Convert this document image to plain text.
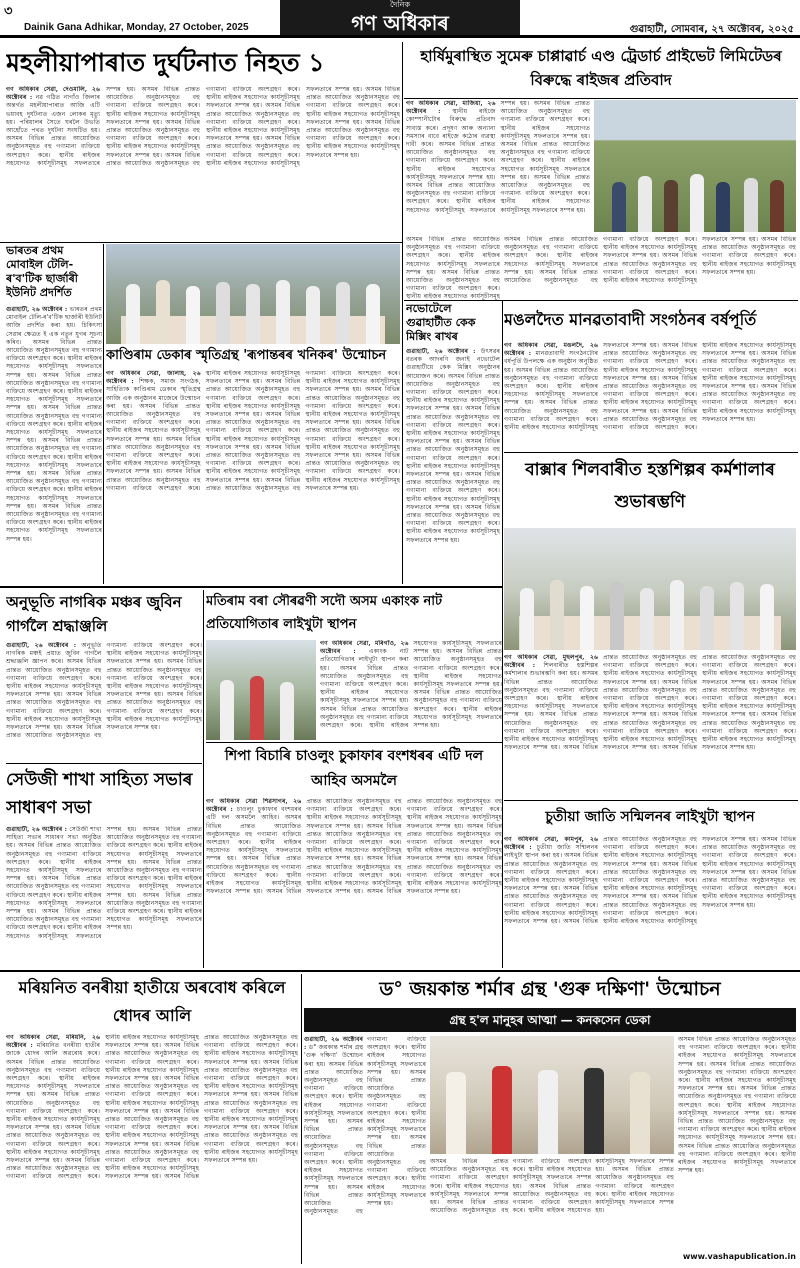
৩
Dainik Gana Adhikar, Monday, 27 October, 2025
দৈনিক
গণ অধিকাৰ	গুৱাহাটী, সোমবাৰ, ২৭ অক্টোবৰ, ২০২৫
মহলীয়াপাৰাত দুৰ্ঘটনাত নিহত ১
গণ অধিকাৰ সেৱা, দেওমালি, ২৬ অক্টোবৰ : নৱ গঠিত নাগাঁও জিলাৰ অন্তৰ্গত মহলীয়াপাৰাত আজি এটি ভয়াবহ দুৰ্ঘটনাত এজন লোকৰ মৃত্যু হয়। পৰিয়ালৰ সৈতে ঘৰলৈ উভতি আহোঁতে পথত দুৰ্ঘটনা সংঘটিত হয়। অসমৰ বিভিন্ন প্ৰান্তত আয়োজিত অনুষ্ঠানসমূহত বহু গণ্যমান্য ব্যক্তিয়ে অংশগ্ৰহণ কৰে। স্থানীয় ৰাইজৰ সহযোগত কাৰ্যসূচীসমূহ সফলতাৰে সম্পন্ন হয়। অসমৰ বিভিন্ন প্ৰান্তত আয়োজিত অনুষ্ঠানসমূহত বহু গণ্যমান্য ব্যক্তিয়ে অংশগ্ৰহণ কৰে। স্থানীয় ৰাইজৰ সহযোগত কাৰ্যসূচীসমূহ সফলতাৰে সম্পন্ন হয়। অসমৰ বিভিন্ন প্ৰান্তত আয়োজিত অনুষ্ঠানসমূহত বহু গণ্যমান্য ব্যক্তিয়ে অংশগ্ৰহণ কৰে। স্থানীয় ৰাইজৰ সহযোগত কাৰ্যসূচীসমূহ সফলতাৰে সম্পন্ন হয়। অসমৰ বিভিন্ন প্ৰান্তত আয়োজিত অনুষ্ঠানসমূহত বহু গণ্যমান্য ব্যক্তিয়ে অংশগ্ৰহণ কৰে। স্থানীয় ৰাইজৰ সহযোগত কাৰ্যসূচীসমূহ সফলতাৰে সম্পন্ন হয়। অসমৰ বিভিন্ন প্ৰান্তত আয়োজিত অনুষ্ঠানসমূহত বহু গণ্যমান্য ব্যক্তিয়ে অংশগ্ৰহণ কৰে। স্থানীয় ৰাইজৰ সহযোগত কাৰ্যসূচীসমূহ সফলতাৰে সম্পন্ন হয়। অসমৰ বিভিন্ন প্ৰান্তত আয়োজিত অনুষ্ঠানসমূহত বহু গণ্যমান্য ব্যক্তিয়ে অংশগ্ৰহণ কৰে। স্থানীয় ৰাইজৰ সহযোগত কাৰ্যসূচীসমূহ সফলতাৰে সম্পন্ন হয়। অসমৰ বিভিন্ন প্ৰান্তত আয়োজিত অনুষ্ঠানসমূহত বহু গণ্যমান্য ব্যক্তিয়ে অংশগ্ৰহণ কৰে। স্থানীয় ৰাইজৰ সহযোগত কাৰ্যসূচীসমূহ সফলতাৰে সম্পন্ন হয়। অসমৰ বিভিন্ন প্ৰান্তত আয়োজিত অনুষ্ঠানসমূহত বহু গণ্যমান্য ব্যক্তিয়ে অংশগ্ৰহণ কৰে। স্থানীয় ৰাইজৰ সহযোগত কাৰ্যসূচীসমূহ সফলতাৰে সম্পন্ন হয়।
ভাৰতৰ প্ৰথম মোবাইল টেলি-ৰ'ব'টিক ছাৰ্জাৰী ইউনিট প্ৰদৰ্শিত
গুৱাহাটী, ২৬ অক্টোবৰ : ভাৰতৰ প্ৰথম মোবাইল টেলি-ৰ'ব'টিক ছাৰ্জাৰী ইউনিট আজি প্ৰদৰ্শিত কৰা হয়। চিকিৎসা সেৱাৰ ক্ষেত্ৰত ই এক নতুন যুগৰ সূচনা কৰিব। অসমৰ বিভিন্ন প্ৰান্তত আয়োজিত অনুষ্ঠানসমূহত বহু গণ্যমান্য ব্যক্তিয়ে অংশগ্ৰহণ কৰে। স্থানীয় ৰাইজৰ সহযোগত কাৰ্যসূচীসমূহ সফলতাৰে সম্পন্ন হয়। অসমৰ বিভিন্ন প্ৰান্তত আয়োজিত অনুষ্ঠানসমূহত বহু গণ্যমান্য ব্যক্তিয়ে অংশগ্ৰহণ কৰে। স্থানীয় ৰাইজৰ সহযোগত কাৰ্যসূচীসমূহ সফলতাৰে সম্পন্ন হয়। অসমৰ বিভিন্ন প্ৰান্তত আয়োজিত অনুষ্ঠানসমূহত বহু গণ্যমান্য ব্যক্তিয়ে অংশগ্ৰহণ কৰে। স্থানীয় ৰাইজৰ সহযোগত কাৰ্যসূচীসমূহ সফলতাৰে সম্পন্ন হয়। অসমৰ বিভিন্ন প্ৰান্তত আয়োজিত অনুষ্ঠানসমূহত বহু গণ্যমান্য ব্যক্তিয়ে অংশগ্ৰহণ কৰে। স্থানীয় ৰাইজৰ সহযোগত কাৰ্যসূচীসমূহ সফলতাৰে সম্পন্ন হয়। অসমৰ বিভিন্ন প্ৰান্তত আয়োজিত অনুষ্ঠানসমূহত বহু গণ্যমান্য ব্যক্তিয়ে অংশগ্ৰহণ কৰে। স্থানীয় ৰাইজৰ সহযোগত কাৰ্যসূচীসমূহ সফলতাৰে সম্পন্ন হয়। অসমৰ বিভিন্ন প্ৰান্তত আয়োজিত অনুষ্ঠানসমূহত বহু গণ্যমান্য ব্যক্তিয়ে অংশগ্ৰহণ কৰে। স্থানীয় ৰাইজৰ সহযোগত কাৰ্যসূচীসমূহ সফলতাৰে সম্পন্ন হয়।
কাণ্ডিৰাম ডেকাৰ স্মৃতিগ্ৰন্থ 'ৰূপান্তৰৰ খনিকৰ' উন্মোচন
গণ অধিকাৰ সেৱা, জালাহ, ২৬ অক্টোবৰ : শিক্ষক, সমাজ সংগঠক, সাহিত্যিক কাণ্ডিৰাম ডেকাৰ স্মৃতিগ্ৰন্থ আজি এক অনুষ্ঠানৰ মাজেৰে উন্মোচন কৰা হয়। অসমৰ বিভিন্ন প্ৰান্তত আয়োজিত অনুষ্ঠানসমূহত বহু গণ্যমান্য ব্যক্তিয়ে অংশগ্ৰহণ কৰে। স্থানীয় ৰাইজৰ সহযোগত কাৰ্যসূচীসমূহ সফলতাৰে সম্পন্ন হয়। অসমৰ বিভিন্ন প্ৰান্তত আয়োজিত অনুষ্ঠানসমূহত বহু গণ্যমান্য ব্যক্তিয়ে অংশগ্ৰহণ কৰে। স্থানীয় ৰাইজৰ সহযোগত কাৰ্যসূচীসমূহ সফলতাৰে সম্পন্ন হয়। অসমৰ বিভিন্ন প্ৰান্তত আয়োজিত অনুষ্ঠানসমূহত বহু গণ্যমান্য ব্যক্তিয়ে অংশগ্ৰহণ কৰে। স্থানীয় ৰাইজৰ সহযোগত কাৰ্যসূচীসমূহ সফলতাৰে সম্পন্ন হয়। অসমৰ বিভিন্ন প্ৰান্তত আয়োজিত অনুষ্ঠানসমূহত বহু গণ্যমান্য ব্যক্তিয়ে অংশগ্ৰহণ কৰে। স্থানীয় ৰাইজৰ সহযোগত কাৰ্যসূচীসমূহ সফলতাৰে সম্পন্ন হয়। অসমৰ বিভিন্ন প্ৰান্তত আয়োজিত অনুষ্ঠানসমূহত বহু গণ্যমান্য ব্যক্তিয়ে অংশগ্ৰহণ কৰে। স্থানীয় ৰাইজৰ সহযোগত কাৰ্যসূচীসমূহ সফলতাৰে সম্পন্ন হয়। অসমৰ বিভিন্ন প্ৰান্তত আয়োজিত অনুষ্ঠানসমূহত বহু গণ্যমান্য ব্যক্তিয়ে অংশগ্ৰহণ কৰে। স্থানীয় ৰাইজৰ সহযোগত কাৰ্যসূচীসমূহ সফলতাৰে সম্পন্ন হয়। অসমৰ বিভিন্ন প্ৰান্তত আয়োজিত অনুষ্ঠানসমূহত বহু গণ্যমান্য ব্যক্তিয়ে অংশগ্ৰহণ কৰে। স্থানীয় ৰাইজৰ সহযোগত কাৰ্যসূচীসমূহ সফলতাৰে সম্পন্ন হয়। অসমৰ বিভিন্ন প্ৰান্তত আয়োজিত অনুষ্ঠানসমূহত বহু গণ্যমান্য ব্যক্তিয়ে অংশগ্ৰহণ কৰে। স্থানীয় ৰাইজৰ সহযোগত কাৰ্যসূচীসমূহ সফলতাৰে সম্পন্ন হয়। অসমৰ বিভিন্ন প্ৰান্তত আয়োজিত অনুষ্ঠানসমূহত বহু গণ্যমান্য ব্যক্তিয়ে অংশগ্ৰহণ কৰে। স্থানীয় ৰাইজৰ সহযোগত কাৰ্যসূচীসমূহ সফলতাৰে সম্পন্ন হয়। অসমৰ বিভিন্ন প্ৰান্তত আয়োজিত অনুষ্ঠানসমূহত বহু গণ্যমান্য ব্যক্তিয়ে অংশগ্ৰহণ কৰে। স্থানীয় ৰাইজৰ সহযোগত কাৰ্যসূচীসমূহ সফলতাৰে সম্পন্ন হয়।
হাৰ্ষিমুৰাস্থিত সুমেৰু চাপ্পাৱাৰ্চ এণ্ড ট্ৰেডাৰ্চ প্ৰাইভেট লিমিটেডৰ বিৰুদ্ধে ৰাইজৰ প্ৰতিবাদ
গণ অধিকাৰ সেৱা, মাজিয়া, ২৬ অক্টোবৰ : স্থানীয় ৰাইজে কোম্পানীটোৰ বিৰুদ্ধে প্ৰতিবাদ সাব্যস্ত কৰে। প্ৰদূষণ আৰু অন্যান্য সমস্যাৰ বাবে ৰাইজে কঠোৰ ব্যৱস্থা দাবী কৰে। অসমৰ বিভিন্ন প্ৰান্তত আয়োজিত অনুষ্ঠানসমূহত বহু গণ্যমান্য ব্যক্তিয়ে অংশগ্ৰহণ কৰে। স্থানীয় ৰাইজৰ সহযোগত কাৰ্যসূচীসমূহ সফলতাৰে সম্পন্ন হয়। অসমৰ বিভিন্ন প্ৰান্তত আয়োজিত অনুষ্ঠানসমূহত বহু গণ্যমান্য ব্যক্তিয়ে অংশগ্ৰহণ কৰে। স্থানীয় ৰাইজৰ সহযোগত কাৰ্যসূচীসমূহ সফলতাৰে সম্পন্ন হয়। অসমৰ বিভিন্ন প্ৰান্তত আয়োজিত অনুষ্ঠানসমূহত বহু গণ্যমান্য ব্যক্তিয়ে অংশগ্ৰহণ কৰে। স্থানীয় ৰাইজৰ সহযোগত কাৰ্যসূচীসমূহ সফলতাৰে সম্পন্ন হয়। অসমৰ বিভিন্ন প্ৰান্তত আয়োজিত অনুষ্ঠানসমূহত বহু গণ্যমান্য ব্যক্তিয়ে অংশগ্ৰহণ কৰে। স্থানীয় ৰাইজৰ সহযোগত কাৰ্যসূচীসমূহ সফলতাৰে সম্পন্ন হয়। অসমৰ বিভিন্ন প্ৰান্তত আয়োজিত অনুষ্ঠানসমূহত বহু গণ্যমান্য ব্যক্তিয়ে অংশগ্ৰহণ কৰে। স্থানীয় ৰাইজৰ সহযোগত কাৰ্যসূচীসমূহ সফলতাৰে সম্পন্ন হয়।
অসমৰ বিভিন্ন প্ৰান্তত আয়োজিত অনুষ্ঠানসমূহত বহু গণ্যমান্য ব্যক্তিয়ে অংশগ্ৰহণ কৰে। স্থানীয় ৰাইজৰ সহযোগত কাৰ্যসূচীসমূহ সফলতাৰে সম্পন্ন হয়। অসমৰ বিভিন্ন প্ৰান্তত আয়োজিত অনুষ্ঠানসমূহত বহু গণ্যমান্য ব্যক্তিয়ে অংশগ্ৰহণ কৰে। স্থানীয় ৰাইজৰ সহযোগত কাৰ্যসূচীসমূহ
অসমৰ বিভিন্ন প্ৰান্তত আয়োজিত অনুষ্ঠানসমূহত বহু গণ্যমান্য ব্যক্তিয়ে অংশগ্ৰহণ কৰে। স্থানীয় ৰাইজৰ সহযোগত কাৰ্যসূচীসমূহ সফলতাৰে সম্পন্ন হয়। অসমৰ বিভিন্ন প্ৰান্তত আয়োজিত অনুষ্ঠানসমূহত বহু গণ্যমান্য ব্যক্তিয়ে অংশগ্ৰহণ কৰে। স্থানীয় ৰাইজৰ সহযোগত কাৰ্যসূচীসমূহ সফলতাৰে সম্পন্ন হয়। অসমৰ বিভিন্ন প্ৰান্তত আয়োজিত অনুষ্ঠানসমূহত বহু গণ্যমান্য ব্যক্তিয়ে অংশগ্ৰহণ কৰে। স্থানীয় ৰাইজৰ সহযোগত কাৰ্যসূচীসমূহ সফলতাৰে সম্পন্ন হয়। অসমৰ বিভিন্ন প্ৰান্তত আয়োজিত অনুষ্ঠানসমূহত বহু গণ্যমান্য ব্যক্তিয়ে অংশগ্ৰহণ কৰে। স্থানীয় ৰাইজৰ সহযোগত কাৰ্যসূচীসমূহ সফলতাৰে সম্পন্ন হয়।
নভোটেলে গুৱাহাটীত কেক মিক্সিং ৰাখৰ
গুৱাহাটী, ২৬ অক্টোবৰ : উৎসৱৰ বতৰক আদৰণি জনাই নভোটেল গুৱাহাটীয়ে কেক মিক্সিং অনুষ্ঠানৰ আয়োজন কৰে। অসমৰ বিভিন্ন প্ৰান্তত আয়োজিত অনুষ্ঠানসমূহত বহু গণ্যমান্য ব্যক্তিয়ে অংশগ্ৰহণ কৰে। স্থানীয় ৰাইজৰ সহযোগত কাৰ্যসূচীসমূহ সফলতাৰে সম্পন্ন হয়। অসমৰ বিভিন্ন প্ৰান্তত আয়োজিত অনুষ্ঠানসমূহত বহু গণ্যমান্য ব্যক্তিয়ে অংশগ্ৰহণ কৰে। স্থানীয় ৰাইজৰ সহযোগত কাৰ্যসূচীসমূহ সফলতাৰে সম্পন্ন হয়। অসমৰ বিভিন্ন প্ৰান্তত আয়োজিত অনুষ্ঠানসমূহত বহু গণ্যমান্য ব্যক্তিয়ে অংশগ্ৰহণ কৰে। স্থানীয় ৰাইজৰ সহযোগত কাৰ্যসূচীসমূহ সফলতাৰে সম্পন্ন হয়। অসমৰ বিভিন্ন প্ৰান্তত আয়োজিত অনুষ্ঠানসমূহত বহু গণ্যমান্য ব্যক্তিয়ে অংশগ্ৰহণ কৰে। স্থানীয় ৰাইজৰ সহযোগত কাৰ্যসূচীসমূহ সফলতাৰে সম্পন্ন হয়। অসমৰ বিভিন্ন প্ৰান্তত আয়োজিত অনুষ্ঠানসমূহত বহু গণ্যমান্য ব্যক্তিয়ে অংশগ্ৰহণ কৰে। স্থানীয় ৰাইজৰ সহযোগত কাৰ্যসূচীসমূহ সফলতাৰে সম্পন্ন হয়।
মঙলদৈত মানৱতাবাদী সংগঠনৰ বৰ্ষপূৰ্তি
গণ অধিকাৰ সেৱা, মঙলদৈ, ২৬ অক্টোবৰ : মানৱতাবাদী সংগঠনটোৰ বৰ্ষপূৰ্তি উপলক্ষে এক অনুষ্ঠান অনুষ্ঠিত হয়। অসমৰ বিভিন্ন প্ৰান্তত আয়োজিত অনুষ্ঠানসমূহত বহু গণ্যমান্য ব্যক্তিয়ে অংশগ্ৰহণ কৰে। স্থানীয় ৰাইজৰ সহযোগত কাৰ্যসূচীসমূহ সফলতাৰে সম্পন্ন হয়। অসমৰ বিভিন্ন প্ৰান্তত আয়োজিত অনুষ্ঠানসমূহত বহু গণ্যমান্য ব্যক্তিয়ে অংশগ্ৰহণ কৰে। স্থানীয় ৰাইজৰ সহযোগত কাৰ্যসূচীসমূহ সফলতাৰে সম্পন্ন হয়। অসমৰ বিভিন্ন প্ৰান্তত আয়োজিত অনুষ্ঠানসমূহত বহু গণ্যমান্য ব্যক্তিয়ে অংশগ্ৰহণ কৰে। স্থানীয় ৰাইজৰ সহযোগত কাৰ্যসূচীসমূহ সফলতাৰে সম্পন্ন হয়। অসমৰ বিভিন্ন প্ৰান্তত আয়োজিত অনুষ্ঠানসমূহত বহু গণ্যমান্য ব্যক্তিয়ে অংশগ্ৰহণ কৰে। স্থানীয় ৰাইজৰ সহযোগত কাৰ্যসূচীসমূহ সফলতাৰে সম্পন্ন হয়। অসমৰ বিভিন্ন প্ৰান্তত আয়োজিত অনুষ্ঠানসমূহত বহু গণ্যমান্য ব্যক্তিয়ে অংশগ্ৰহণ কৰে। স্থানীয় ৰাইজৰ সহযোগত কাৰ্যসূচীসমূহ সফলতাৰে সম্পন্ন হয়। অসমৰ বিভিন্ন প্ৰান্তত আয়োজিত অনুষ্ঠানসমূহত বহু গণ্যমান্য ব্যক্তিয়ে অংশগ্ৰহণ কৰে। স্থানীয় ৰাইজৰ সহযোগত কাৰ্যসূচীসমূহ সফলতাৰে সম্পন্ন হয়। অসমৰ বিভিন্ন প্ৰান্তত আয়োজিত অনুষ্ঠানসমূহত বহু গণ্যমান্য ব্যক্তিয়ে অংশগ্ৰহণ কৰে। স্থানীয় ৰাইজৰ সহযোগত কাৰ্যসূচীসমূহ সফলতাৰে সম্পন্ন হয়।
বাক্সাৰ শিলবাৰীত হস্তশিল্পৰ কৰ্মশালাৰ শুভাৰম্ভণি
অনুভূতি নাগৰিক মঞ্চৰ জুবিন গাৰ্গলৈ শ্ৰদ্ধাঞ্জলি
গুৱাহাটী, ২৬ অক্টোবৰ : অনুভূতি নাগৰিক মঞ্চই প্ৰয়াত জুবিন গাৰ্গলৈ শ্ৰদ্ধাঞ্জলি জ্ঞাপন কৰে। অসমৰ বিভিন্ন প্ৰান্তত আয়োজিত অনুষ্ঠানসমূহত বহু গণ্যমান্য ব্যক্তিয়ে অংশগ্ৰহণ কৰে। স্থানীয় ৰাইজৰ সহযোগত কাৰ্যসূচীসমূহ সফলতাৰে সম্পন্ন হয়। অসমৰ বিভিন্ন প্ৰান্তত আয়োজিত অনুষ্ঠানসমূহত বহু গণ্যমান্য ব্যক্তিয়ে অংশগ্ৰহণ কৰে। স্থানীয় ৰাইজৰ সহযোগত কাৰ্যসূচীসমূহ সফলতাৰে সম্পন্ন হয়। অসমৰ বিভিন্ন প্ৰান্তত আয়োজিত অনুষ্ঠানসমূহত বহু গণ্যমান্য ব্যক্তিয়ে অংশগ্ৰহণ কৰে। স্থানীয় ৰাইজৰ সহযোগত কাৰ্যসূচীসমূহ সফলতাৰে সম্পন্ন হয়। অসমৰ বিভিন্ন প্ৰান্তত আয়োজিত অনুষ্ঠানসমূহত বহু গণ্যমান্য ব্যক্তিয়ে অংশগ্ৰহণ কৰে। স্থানীয় ৰাইজৰ সহযোগত কাৰ্যসূচীসমূহ সফলতাৰে সম্পন্ন হয়। অসমৰ বিভিন্ন প্ৰান্তত আয়োজিত অনুষ্ঠানসমূহত বহু গণ্যমান্য ব্যক্তিয়ে অংশগ্ৰহণ কৰে। স্থানীয় ৰাইজৰ সহযোগত কাৰ্যসূচীসমূহ সফলতাৰে সম্পন্ন হয়।
সেউজী শাখা সাহিত্য সভাৰ সাধাৰণ সভা
গুৱাহাটী, ২৬ অক্টোবৰ : সেউজী শাখা সাহিত্য সভাৰ সাধাৰণ সভা অনুষ্ঠিত হয়। অসমৰ বিভিন্ন প্ৰান্তত আয়োজিত অনুষ্ঠানসমূহত বহু গণ্যমান্য ব্যক্তিয়ে অংশগ্ৰহণ কৰে। স্থানীয় ৰাইজৰ সহযোগত কাৰ্যসূচীসমূহ সফলতাৰে সম্পন্ন হয়। অসমৰ বিভিন্ন প্ৰান্তত আয়োজিত অনুষ্ঠানসমূহত বহু গণ্যমান্য ব্যক্তিয়ে অংশগ্ৰহণ কৰে। স্থানীয় ৰাইজৰ সহযোগত কাৰ্যসূচীসমূহ সফলতাৰে সম্পন্ন হয়। অসমৰ বিভিন্ন প্ৰান্তত আয়োজিত অনুষ্ঠানসমূহত বহু গণ্যমান্য ব্যক্তিয়ে অংশগ্ৰহণ কৰে। স্থানীয় ৰাইজৰ সহযোগত কাৰ্যসূচীসমূহ সফলতাৰে সম্পন্ন হয়। অসমৰ বিভিন্ন প্ৰান্তত আয়োজিত অনুষ্ঠানসমূহত বহু গণ্যমান্য ব্যক্তিয়ে অংশগ্ৰহণ কৰে। স্থানীয় ৰাইজৰ সহযোগত কাৰ্যসূচীসমূহ সফলতাৰে সম্পন্ন হয়। অসমৰ বিভিন্ন প্ৰান্তত আয়োজিত অনুষ্ঠানসমূহত বহু গণ্যমান্য ব্যক্তিয়ে অংশগ্ৰহণ কৰে। স্থানীয় ৰাইজৰ সহযোগত কাৰ্যসূচীসমূহ সফলতাৰে সম্পন্ন হয়। অসমৰ বিভিন্ন প্ৰান্তত আয়োজিত অনুষ্ঠানসমূহত বহু গণ্যমান্য ব্যক্তিয়ে অংশগ্ৰহণ কৰে। স্থানীয় ৰাইজৰ সহযোগত কাৰ্যসূচীসমূহ সফলতাৰে সম্পন্ন হয়।
মতিৰাম বৰা সৌৰৱণী সদৌ অসম একাংক নাট প্ৰতিযোগিতাৰ লাইখুটা স্থাপন
গণ অধিকাৰ সেৱা, মৰিগাঁও, ২৬ অক্টোবৰ : একাংক নাট প্ৰতিযোগিতাৰ লাইখুটা স্থাপন কৰা হয়। অসমৰ বিভিন্ন প্ৰান্তত আয়োজিত অনুষ্ঠানসমূহত বহু গণ্যমান্য ব্যক্তিয়ে অংশগ্ৰহণ কৰে। স্থানীয় ৰাইজৰ সহযোগত কাৰ্যসূচীসমূহ সফলতাৰে সম্পন্ন হয়। অসমৰ বিভিন্ন প্ৰান্তত আয়োজিত অনুষ্ঠানসমূহত বহু গণ্যমান্য ব্যক্তিয়ে অংশগ্ৰহণ কৰে। স্থানীয় ৰাইজৰ সহযোগত কাৰ্যসূচীসমূহ সফলতাৰে সম্পন্ন হয়। অসমৰ বিভিন্ন প্ৰান্তত আয়োজিত অনুষ্ঠানসমূহত বহু গণ্যমান্য ব্যক্তিয়ে অংশগ্ৰহণ কৰে। স্থানীয় ৰাইজৰ সহযোগত কাৰ্যসূচীসমূহ সফলতাৰে সম্পন্ন হয়। অসমৰ বিভিন্ন প্ৰান্তত আয়োজিত অনুষ্ঠানসমূহত বহু গণ্যমান্য ব্যক্তিয়ে অংশগ্ৰহণ কৰে। স্থানীয় ৰাইজৰ সহযোগত কাৰ্যসূচীসমূহ সফলতাৰে সম্পন্ন হয়।
শিপা বিচাৰি চাওলুং চুকাফাৰ বংশধৰৰ এটি দল আহিব অসমলৈ
গণ অধিকাৰ সেৱা শিৱসাগৰ, ২৬ অক্টোবৰ : চাওলুং চুকাফাৰ বংশধৰৰ এটি দল অসমলৈ আহিব। অসমৰ বিভিন্ন প্ৰান্তত আয়োজিত অনুষ্ঠানসমূহত বহু গণ্যমান্য ব্যক্তিয়ে অংশগ্ৰহণ কৰে। স্থানীয় ৰাইজৰ সহযোগত কাৰ্যসূচীসমূহ সফলতাৰে সম্পন্ন হয়। অসমৰ বিভিন্ন প্ৰান্তত আয়োজিত অনুষ্ঠানসমূহত বহু গণ্যমান্য ব্যক্তিয়ে অংশগ্ৰহণ কৰে। স্থানীয় ৰাইজৰ সহযোগত কাৰ্যসূচীসমূহ সফলতাৰে সম্পন্ন হয়। অসমৰ বিভিন্ন প্ৰান্তত আয়োজিত অনুষ্ঠানসমূহত বহু গণ্যমান্য ব্যক্তিয়ে অংশগ্ৰহণ কৰে। স্থানীয় ৰাইজৰ সহযোগত কাৰ্যসূচীসমূহ সফলতাৰে সম্পন্ন হয়। অসমৰ বিভিন্ন প্ৰান্তত আয়োজিত অনুষ্ঠানসমূহত বহু গণ্যমান্য ব্যক্তিয়ে অংশগ্ৰহণ কৰে। স্থানীয় ৰাইজৰ সহযোগত কাৰ্যসূচীসমূহ সফলতাৰে সম্পন্ন হয়। অসমৰ বিভিন্ন প্ৰান্তত আয়োজিত অনুষ্ঠানসমূহত বহু গণ্যমান্য ব্যক্তিয়ে অংশগ্ৰহণ কৰে। স্থানীয় ৰাইজৰ সহযোগত কাৰ্যসূচীসমূহ সফলতাৰে সম্পন্ন হয়। অসমৰ বিভিন্ন প্ৰান্তত আয়োজিত অনুষ্ঠানসমূহত বহু গণ্যমান্য ব্যক্তিয়ে অংশগ্ৰহণ কৰে। স্থানীয় ৰাইজৰ সহযোগত কাৰ্যসূচীসমূহ সফলতাৰে সম্পন্ন হয়। অসমৰ বিভিন্ন প্ৰান্তত আয়োজিত অনুষ্ঠানসমূহত বহু গণ্যমান্য ব্যক্তিয়ে অংশগ্ৰহণ কৰে। স্থানীয় ৰাইজৰ সহযোগত কাৰ্যসূচীসমূহ সফলতাৰে সম্পন্ন হয়। অসমৰ বিভিন্ন প্ৰান্তত আয়োজিত অনুষ্ঠানসমূহত বহু গণ্যমান্য ব্যক্তিয়ে অংশগ্ৰহণ কৰে। স্থানীয় ৰাইজৰ সহযোগত কাৰ্যসূচীসমূহ সফলতাৰে সম্পন্ন হয়।
গণ অধিকাৰ সেৱা, মুছলপুৰ, ২৬ অক্টোবৰ : শিলবাৰীত হস্তশিল্পৰ কৰ্মশালাৰ শুভাৰম্ভণি কৰা হয়। অসমৰ বিভিন্ন প্ৰান্তত আয়োজিত অনুষ্ঠানসমূহত বহু গণ্যমান্য ব্যক্তিয়ে অংশগ্ৰহণ কৰে। স্থানীয় ৰাইজৰ সহযোগত কাৰ্যসূচীসমূহ সফলতাৰে সম্পন্ন হয়। অসমৰ বিভিন্ন প্ৰান্তত আয়োজিত অনুষ্ঠানসমূহত বহু গণ্যমান্য ব্যক্তিয়ে অংশগ্ৰহণ কৰে। স্থানীয় ৰাইজৰ সহযোগত কাৰ্যসূচীসমূহ সফলতাৰে সম্পন্ন হয়। অসমৰ বিভিন্ন প্ৰান্তত আয়োজিত অনুষ্ঠানসমূহত বহু গণ্যমান্য ব্যক্তিয়ে অংশগ্ৰহণ কৰে। স্থানীয় ৰাইজৰ সহযোগত কাৰ্যসূচীসমূহ সফলতাৰে সম্পন্ন হয়। অসমৰ বিভিন্ন প্ৰান্তত আয়োজিত অনুষ্ঠানসমূহত বহু গণ্যমান্য ব্যক্তিয়ে অংশগ্ৰহণ কৰে। স্থানীয় ৰাইজৰ সহযোগত কাৰ্যসূচীসমূহ সফলতাৰে সম্পন্ন হয়। অসমৰ বিভিন্ন প্ৰান্তত আয়োজিত অনুষ্ঠানসমূহত বহু গণ্যমান্য ব্যক্তিয়ে অংশগ্ৰহণ কৰে। স্থানীয় ৰাইজৰ সহযোগত কাৰ্যসূচীসমূহ সফলতাৰে সম্পন্ন হয়। অসমৰ বিভিন্ন প্ৰান্তত আয়োজিত অনুষ্ঠানসমূহত বহু গণ্যমান্য ব্যক্তিয়ে অংশগ্ৰহণ কৰে। স্থানীয় ৰাইজৰ সহযোগত কাৰ্যসূচীসমূহ সফলতাৰে সম্পন্ন হয়। অসমৰ বিভিন্ন প্ৰান্তত আয়োজিত অনুষ্ঠানসমূহত বহু গণ্যমান্য ব্যক্তিয়ে অংশগ্ৰহণ কৰে। স্থানীয় ৰাইজৰ সহযোগত কাৰ্যসূচীসমূহ সফলতাৰে সম্পন্ন হয়। অসমৰ বিভিন্ন প্ৰান্তত আয়োজিত অনুষ্ঠানসমূহত বহু গণ্যমান্য ব্যক্তিয়ে অংশগ্ৰহণ কৰে। স্থানীয় ৰাইজৰ সহযোগত কাৰ্যসূচীসমূহ সফলতাৰে সম্পন্ন হয়।
চুতীয়া জাতি সন্মিলনৰ লাইখুটা স্থাপন
গণ অধিকাৰ সেৱা, কামপুৰ, ২৬ অক্টোবৰ : চুতীয়া জাতি সন্মিলনৰ লাইখুটা স্থাপন কৰা হয়। অসমৰ বিভিন্ন প্ৰান্তত আয়োজিত অনুষ্ঠানসমূহত বহু গণ্যমান্য ব্যক্তিয়ে অংশগ্ৰহণ কৰে। স্থানীয় ৰাইজৰ সহযোগত কাৰ্যসূচীসমূহ সফলতাৰে সম্পন্ন হয়। অসমৰ বিভিন্ন প্ৰান্তত আয়োজিত অনুষ্ঠানসমূহত বহু গণ্যমান্য ব্যক্তিয়ে অংশগ্ৰহণ কৰে। স্থানীয় ৰাইজৰ সহযোগত কাৰ্যসূচীসমূহ সফলতাৰে সম্পন্ন হয়। অসমৰ বিভিন্ন প্ৰান্তত আয়োজিত অনুষ্ঠানসমূহত বহু গণ্যমান্য ব্যক্তিয়ে অংশগ্ৰহণ কৰে। স্থানীয় ৰাইজৰ সহযোগত কাৰ্যসূচীসমূহ সফলতাৰে সম্পন্ন হয়। অসমৰ বিভিন্ন প্ৰান্তত আয়োজিত অনুষ্ঠানসমূহত বহু গণ্যমান্য ব্যক্তিয়ে অংশগ্ৰহণ কৰে। স্থানীয় ৰাইজৰ সহযোগত কাৰ্যসূচীসমূহ সফলতাৰে সম্পন্ন হয়। অসমৰ বিভিন্ন প্ৰান্তত আয়োজিত অনুষ্ঠানসমূহত বহু গণ্যমান্য ব্যক্তিয়ে অংশগ্ৰহণ কৰে। স্থানীয় ৰাইজৰ সহযোগত কাৰ্যসূচীসমূহ সফলতাৰে সম্পন্ন হয়। অসমৰ বিভিন্ন প্ৰান্তত আয়োজিত অনুষ্ঠানসমূহত বহু গণ্যমান্য ব্যক্তিয়ে অংশগ্ৰহণ কৰে। স্থানীয় ৰাইজৰ সহযোগত কাৰ্যসূচীসমূহ সফলতাৰে সম্পন্ন হয়। অসমৰ বিভিন্ন প্ৰান্তত আয়োজিত অনুষ্ঠানসমূহত বহু গণ্যমান্য ব্যক্তিয়ে অংশগ্ৰহণ কৰে। স্থানীয় ৰাইজৰ সহযোগত কাৰ্যসূচীসমূহ সফলতাৰে সম্পন্ন হয়।
মৰিয়নিত বনৰীয়া হাতীয়ে অৰবোধ কৰিলে ধোদৰ আলি
গণ অধিকাৰ সেৱা, মৰিয়নি, ২৬ অক্টোবৰ : মৰিয়নিত বনৰীয়া হাতীৰ জাকে ধোদৰ আলি অৱৰোধ কৰে। অসমৰ বিভিন্ন প্ৰান্তত আয়োজিত অনুষ্ঠানসমূহত বহু গণ্যমান্য ব্যক্তিয়ে অংশগ্ৰহণ কৰে। স্থানীয় ৰাইজৰ সহযোগত কাৰ্যসূচীসমূহ সফলতাৰে সম্পন্ন হয়। অসমৰ বিভিন্ন প্ৰান্তত আয়োজিত অনুষ্ঠানসমূহত বহু গণ্যমান্য ব্যক্তিয়ে অংশগ্ৰহণ কৰে। স্থানীয় ৰাইজৰ সহযোগত কাৰ্যসূচীসমূহ সফলতাৰে সম্পন্ন হয়। অসমৰ বিভিন্ন প্ৰান্তত আয়োজিত অনুষ্ঠানসমূহত বহু গণ্যমান্য ব্যক্তিয়ে অংশগ্ৰহণ কৰে। স্থানীয় ৰাইজৰ সহযোগত কাৰ্যসূচীসমূহ সফলতাৰে সম্পন্ন হয়। অসমৰ বিভিন্ন প্ৰান্তত আয়োজিত অনুষ্ঠানসমূহত বহু গণ্যমান্য ব্যক্তিয়ে অংশগ্ৰহণ কৰে। স্থানীয় ৰাইজৰ সহযোগত কাৰ্যসূচীসমূহ সফলতাৰে সম্পন্ন হয়। অসমৰ বিভিন্ন প্ৰান্তত আয়োজিত অনুষ্ঠানসমূহত বহু গণ্যমান্য ব্যক্তিয়ে অংশগ্ৰহণ কৰে। স্থানীয় ৰাইজৰ সহযোগত কাৰ্যসূচীসমূহ সফলতাৰে সম্পন্ন হয়। অসমৰ বিভিন্ন প্ৰান্তত আয়োজিত অনুষ্ঠানসমূহত বহু গণ্যমান্য ব্যক্তিয়ে অংশগ্ৰহণ কৰে। স্থানীয় ৰাইজৰ সহযোগত কাৰ্যসূচীসমূহ সফলতাৰে সম্পন্ন হয়। অসমৰ বিভিন্ন প্ৰান্তত আয়োজিত অনুষ্ঠানসমূহত বহু গণ্যমান্য ব্যক্তিয়ে অংশগ্ৰহণ কৰে। স্থানীয় ৰাইজৰ সহযোগত কাৰ্যসূচীসমূহ সফলতাৰে সম্পন্ন হয়। অসমৰ বিভিন্ন প্ৰান্তত আয়োজিত অনুষ্ঠানসমূহত বহু গণ্যমান্য ব্যক্তিয়ে অংশগ্ৰহণ কৰে। স্থানীয় ৰাইজৰ সহযোগত কাৰ্যসূচীসমূহ সফলতাৰে সম্পন্ন হয়। অসমৰ বিভিন্ন প্ৰান্তত আয়োজিত অনুষ্ঠানসমূহত বহু গণ্যমান্য ব্যক্তিয়ে অংশগ্ৰহণ কৰে। স্থানীয় ৰাইজৰ সহযোগত কাৰ্যসূচীসমূহ সফলতাৰে সম্পন্ন হয়। অসমৰ বিভিন্ন প্ৰান্তত আয়োজিত অনুষ্ঠানসমূহত বহু গণ্যমান্য ব্যক্তিয়ে অংশগ্ৰহণ কৰে। স্থানীয় ৰাইজৰ সহযোগত কাৰ্যসূচীসমূহ সফলতাৰে সম্পন্ন হয়। অসমৰ বিভিন্ন প্ৰান্তত আয়োজিত অনুষ্ঠানসমূহত বহু গণ্যমান্য ব্যক্তিয়ে অংশগ্ৰহণ কৰে। স্থানীয় ৰাইজৰ সহযোগত কাৰ্যসূচীসমূহ সফলতাৰে সম্পন্ন হয়। অসমৰ বিভিন্ন প্ৰান্তত আয়োজিত অনুষ্ঠানসমূহত বহু গণ্যমান্য ব্যক্তিয়ে অংশগ্ৰহণ কৰে। স্থানীয় ৰাইজৰ সহযোগত কাৰ্যসূচীসমূহ সফলতাৰে সম্পন্ন হয়।
ড° জয়কান্ত শৰ্মাৰ গ্ৰন্থ 'গুৰু দক্ষিণা' উন্মোচন
গ্ৰন্থ হ'ল মানুহৰ আত্মা — কনকসেন ডেকা
গুৱাহাটী, ২৬ অক্টোবৰ : ড° জয়কান্ত শৰ্মাৰ গ্ৰন্থ 'গুৰু দক্ষিণা' উন্মোচন কৰা হয়। অসমৰ বিভিন্ন প্ৰান্তত আয়োজিত অনুষ্ঠানসমূহত বহু গণ্যমান্য ব্যক্তিয়ে অংশগ্ৰহণ কৰে। স্থানীয় ৰাইজৰ সহযোগত কাৰ্যসূচীসমূহ সফলতাৰে সম্পন্ন হয়। অসমৰ বিভিন্ন প্ৰান্তত আয়োজিত অনুষ্ঠানসমূহত বহু গণ্যমান্য ব্যক্তিয়ে অংশগ্ৰহণ কৰে। স্থানীয় ৰাইজৰ সহযোগত কাৰ্যসূচীসমূহ সফলতাৰে সম্পন্ন হয়। অসমৰ বিভিন্ন প্ৰান্তত আয়োজিত অনুষ্ঠানসমূহত বহু গণ্যমান্য ব্যক্তিয়ে অংশগ্ৰহণ কৰে। স্থানীয় ৰাইজৰ সহযোগত কাৰ্যসূচীসমূহ সফলতাৰে সম্পন্ন হয়। অসমৰ বিভিন্ন প্ৰান্তত আয়োজিত অনুষ্ঠানসমূহত বহু গণ্যমান্য ব্যক্তিয়ে অংশগ্ৰহণ কৰে। স্থানীয় ৰাইজৰ সহযোগত কাৰ্যসূচীসমূহ সফলতাৰে সম্পন্ন হয়। অসমৰ বিভিন্ন প্ৰান্তত আয়োজিত অনুষ্ঠানসমূহত বহু গণ্যমান্য ব্যক্তিয়ে অংশগ্ৰহণ কৰে। স্থানীয় ৰাইজৰ সহযোগত কাৰ্যসূচীসমূহ সফলতাৰে সম্পন্ন হয়।
অসমৰ বিভিন্ন প্ৰান্তত আয়োজিত অনুষ্ঠানসমূহত বহু গণ্যমান্য ব্যক্তিয়ে অংশগ্ৰহণ কৰে। স্থানীয় ৰাইজৰ সহযোগত কাৰ্যসূচীসমূহ সফলতাৰে সম্পন্ন হয়। অসমৰ বিভিন্ন প্ৰান্তত আয়োজিত অনুষ্ঠানসমূহত বহু গণ্যমান্য ব্যক্তিয়ে অংশগ্ৰহণ কৰে। স্থানীয় ৰাইজৰ সহযোগত কাৰ্যসূচীসমূহ সফলতাৰে সম্পন্ন হয়। অসমৰ বিভিন্ন প্ৰান্তত আয়োজিত অনুষ্ঠানসমূহত বহু গণ্যমান্য ব্যক্তিয়ে অংশগ্ৰহণ কৰে। স্থানীয় ৰাইজৰ সহযোগত কাৰ্যসূচীসমূহ সফলতাৰে সম্পন্ন হয়। অসমৰ বিভিন্ন প্ৰান্তত আয়োজিত অনুষ্ঠানসমূহত বহু গণ্যমান্য ব্যক্তিয়ে অংশগ্ৰহণ কৰে। স্থানীয় ৰাইজৰ সহযোগত কাৰ্যসূচীসমূহ সফলতাৰে সম্পন্ন হয়।
অসমৰ বিভিন্ন প্ৰান্তত আয়োজিত অনুষ্ঠানসমূহত বহু গণ্যমান্য ব্যক্তিয়ে অংশগ্ৰহণ কৰে। স্থানীয় ৰাইজৰ সহযোগত কাৰ্যসূচীসমূহ সফলতাৰে সম্পন্ন হয়। অসমৰ বিভিন্ন প্ৰান্তত আয়োজিত অনুষ্ঠানসমূহত বহু গণ্যমান্য ব্যক্তিয়ে অংশগ্ৰহণ কৰে। স্থানীয় ৰাইজৰ সহযোগত কাৰ্যসূচীসমূহ সফলতাৰে সম্পন্ন হয়। অসমৰ বিভিন্ন প্ৰান্তত আয়োজিত অনুষ্ঠানসমূহত বহু গণ্যমান্য ব্যক্তিয়ে অংশগ্ৰহণ কৰে। স্থানীয় ৰাইজৰ সহযোগত কাৰ্যসূচীসমূহ সফলতাৰে সম্পন্ন হয়। অসমৰ বিভিন্ন প্ৰান্তত আয়োজিত অনুষ্ঠানসমূহত বহু গণ্যমান্য ব্যক্তিয়ে অংশগ্ৰহণ কৰে। স্থানীয় ৰাইজৰ সহযোগত কাৰ্যসূচীসমূহ সফলতাৰে সম্পন্ন হয়। অসমৰ বিভিন্ন প্ৰান্তত আয়োজিত অনুষ্ঠানসমূহত বহু গণ্যমান্য ব্যক্তিয়ে অংশগ্ৰহণ কৰে। স্থানীয় ৰাইজৰ সহযোগত কাৰ্যসূচীসমূহ সফলতাৰে সম্পন্ন হয়।
www.vashapublication.in
